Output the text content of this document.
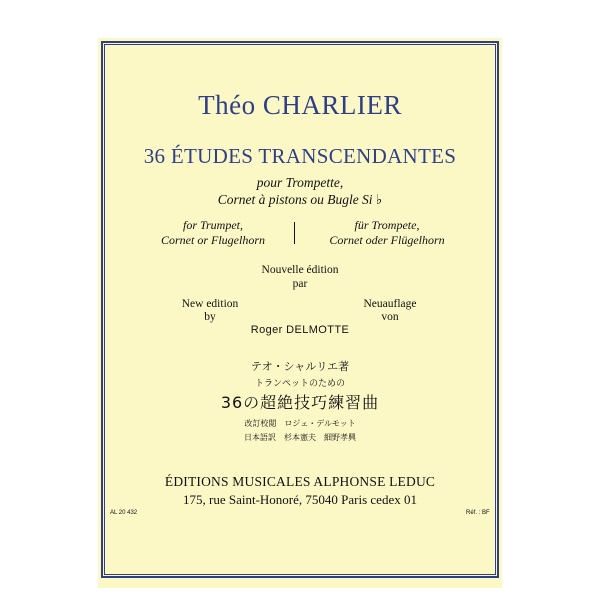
Théo CHARLIER
36 ÉTUDES TRANSCENDANTES
pour Trompette,
Cornet à pistons ou Bugle Si ♭
for Trumpet,
Cornet or Flugelhorn
für Trompete,
Cornet oder Flügelhorn
Nouvelle édition
par
New edition
by
Neuauflage
von
Roger DELMOTTE
テオ・シャルリエ著
トランペットのための
36の超絶技巧練習曲
改訂校閲　ロジェ・デルモット
日本語訳　杉本憲夫　細野孝興
ÉDITIONS MUSICALES ALPHONSE LEDUC
175, rue Saint-Honoré, 75040 Paris cedex 01
AL 20 432	Réf. : BF
